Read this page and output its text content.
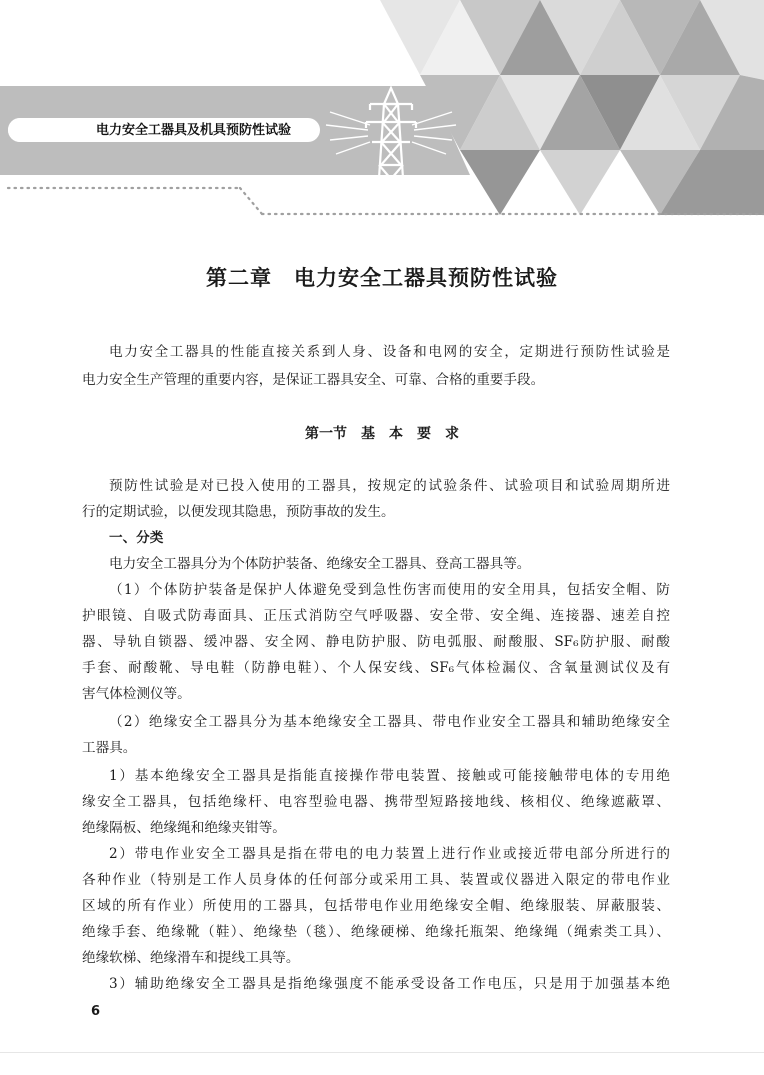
电力安全工器具及机具预防性试验
第二章　电力安全工器具预防性试验
第一节　基　本　要　求
电力安全工器具的性能直接关系到人身、设备和电网的安全，定期进行预防性试验是
电力安全生产管理的重要内容，是保证工器具安全、可靠、合格的重要手段。
预防性试验是对已投入使用的工器具，按规定的试验条件、试验项目和试验周期所进
行的定期试验，以便发现其隐患，预防事故的发生。
一、分类
电力安全工器具分为个体防护装备、绝缘安全工器具、登高工器具等。
（1）个体防护装备是保护人体避免受到急性伤害而使用的安全用具，包括安全帽、防
护眼镜、自吸式防毒面具、正压式消防空气呼吸器、安全带、安全绳、连接器、速差自控
器、导轨自锁器、缓冲器、安全网、静电防护服、防电弧服、耐酸服、SF₆防护服、耐酸
手套、耐酸靴、导电鞋（防静电鞋）、个人保安线、SF₆气体检漏仪、含氧量测试仪及有
害气体检测仪等。
（2）绝缘安全工器具分为基本绝缘安全工器具、带电作业安全工器具和辅助绝缘安全
工器具。
1）基本绝缘安全工器具是指能直接操作带电装置、接触或可能接触带电体的专用绝
缘安全工器具，包括绝缘杆、电容型验电器、携带型短路接地线、核相仪、绝缘遮蔽罩、
绝缘隔板、绝缘绳和绝缘夹钳等。
2）带电作业安全工器具是指在带电的电力装置上进行作业或接近带电部分所进行的
各种作业（特别是工作人员身体的任何部分或采用工具、装置或仪器进入限定的带电作业
区域的所有作业）所使用的工器具，包括带电作业用绝缘安全帽、绝缘服装、屏蔽服装、
绝缘手套、绝缘靴（鞋）、绝缘垫（毯）、绝缘硬梯、绝缘托瓶架、绝缘绳（绳索类工具）、
绝缘软梯、绝缘滑车和提线工具等。
3）辅助绝缘安全工器具是指绝缘强度不能承受设备工作电压，只是用于加强基本绝
6
